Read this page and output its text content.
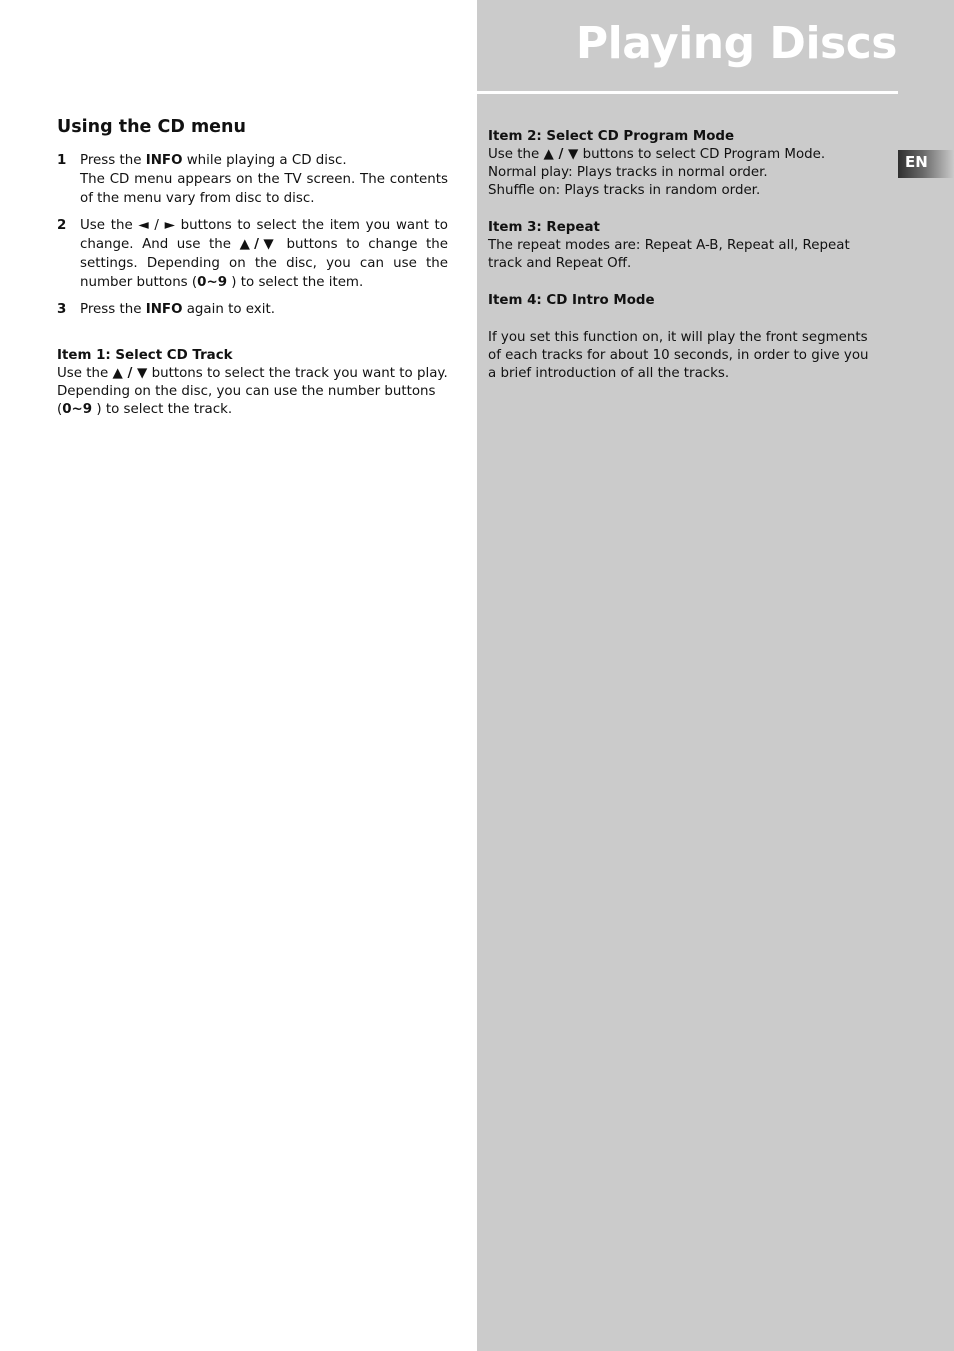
Playing Discs
EN
Using the CD menu
1 Press the INFO while playing a CD disc.
The CD menu appears on the TV screen. The contents of the menu vary from disc to disc.
2 Use the ◄ / ► buttons to select the item you want to change. And use the ▲/▼ buttons to change the settings. Depending on the disc, you can use the number buttons (0~9 ) to select the item.
3 Press the INFO again to exit.

Item 1: Select CD Track

Use the ▲ / ▼ buttons to select the track you want to play.

Depending on the disc, you can use the number buttons (0~9 ) to select the track.

Item 2: Select CD Program Mode

Use the ▲ / ▼ buttons to select CD Program Mode.

Normal play: Plays tracks in normal order.

Shuffle on: Plays tracks in random order.

Item 3: Repeat

The repeat modes are: Repeat A-B, Repeat all, Repeat track and Repeat Off.

Item 4: CD Intro Mode

If you set this function on, it will play the front segments of each tracks for about 10 seconds, in order to give you a brief introduction of all the tracks.
